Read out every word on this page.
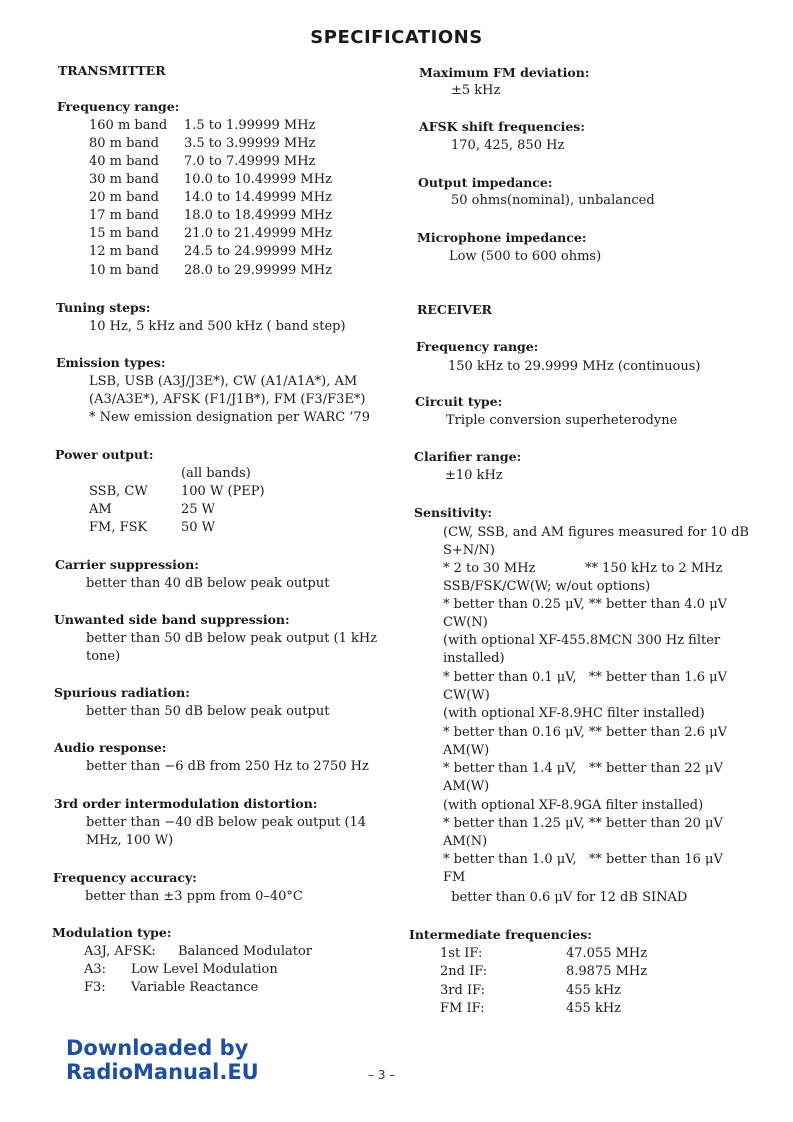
SPECIFICATIONS
TRANSMITTER
Frequency range:
160 m band 1.5 to 1.99999 MHz
80 m band 3.5 to 3.99999 MHz
40 m band 7.0 to 7.49999 MHz
30 m band 10.0 to 10.49999 MHz
20 m band 14.0 to 14.49999 MHz
17 m band 18.0 to 18.49999 MHz
15 m band 21.0 to 21.49999 MHz
12 m band 24.5 to 24.99999 MHz
10 m band 28.0 to 29.99999 MHz
Tuning steps:
10 Hz, 5 kHz and 500 kHz ( band step)
Emission types:
LSB, USB (A3J/J3E*), CW (A1/A1A*), AM
(A3/A3E*), AFSK (F1/J1B*), FM (F3/F3E*)
* New emission designation per WARC ’79
Power output:
(all bands)
SSB, CW	100 W (PEP)
AM	25 W
FM, FSK	50 W
Carrier suppression:
better than 40 dB below peak output
Unwanted side band suppression:
better than 50 dB below peak output (1 kHz
tone)
Spurious radiation:
better than 50 dB below peak output
Audio response:
better than −6 dB from 250 Hz to 2750 Hz
3rd order intermodulation distortion:
better than −40 dB below peak output (14
MHz, 100 W)
Frequency accuracy:
better than ±3 ppm from 0–40°C
Modulation type:
A3J, AFSK: Balanced Modulator
A3: Low Level Modulation
F3: Variable Reactance
Maximum FM deviation:
±5 kHz
AFSK shift frequencies:
170, 425, 850 Hz
Output impedance:
50 ohms(nominal), unbalanced
Microphone impedance:
Low (500 to 600 ohms)
RECEIVER
Frequency range:
150 kHz to 29.9999 MHz (continuous)
Circuit type:
Triple conversion superheterodyne
Clarifier range:
±10 kHz
Sensitivity:
(CW, SSB, and AM figures measured for 10 dB
S+N/N)
* 2 to 30 MHz            ** 150 kHz to 2 MHz
SSB/FSK/CW(W; w/out options)
* better than 0.25 μV, ** better than 4.0 μV
CW(N)
(with optional XF-455.8MCN 300 Hz filter
installed)
* better than 0.1 μV,   ** better than 1.6 μV
CW(W)
(with optional XF-8.9HC filter installed)
* better than 0.16 μV, ** better than 2.6 μV
AM(W)
* better than 1.4 μV,   ** better than 22 μV
AM(W)
(with optional XF-8.9GA filter installed)
* better than 1.25 μV, ** better than 20 μV
AM(N)
* better than 1.0 μV,   ** better than 16 μV
FM
better than 0.6 μV for 12 dB SINAD
Intermediate frequencies:
1st IF:	47.055 MHz
2nd IF:	8.9875 MHz
3rd IF:	455 kHz
FM IF:	455 kHz
Downloaded by
RadioManual.EU	– 3 –
